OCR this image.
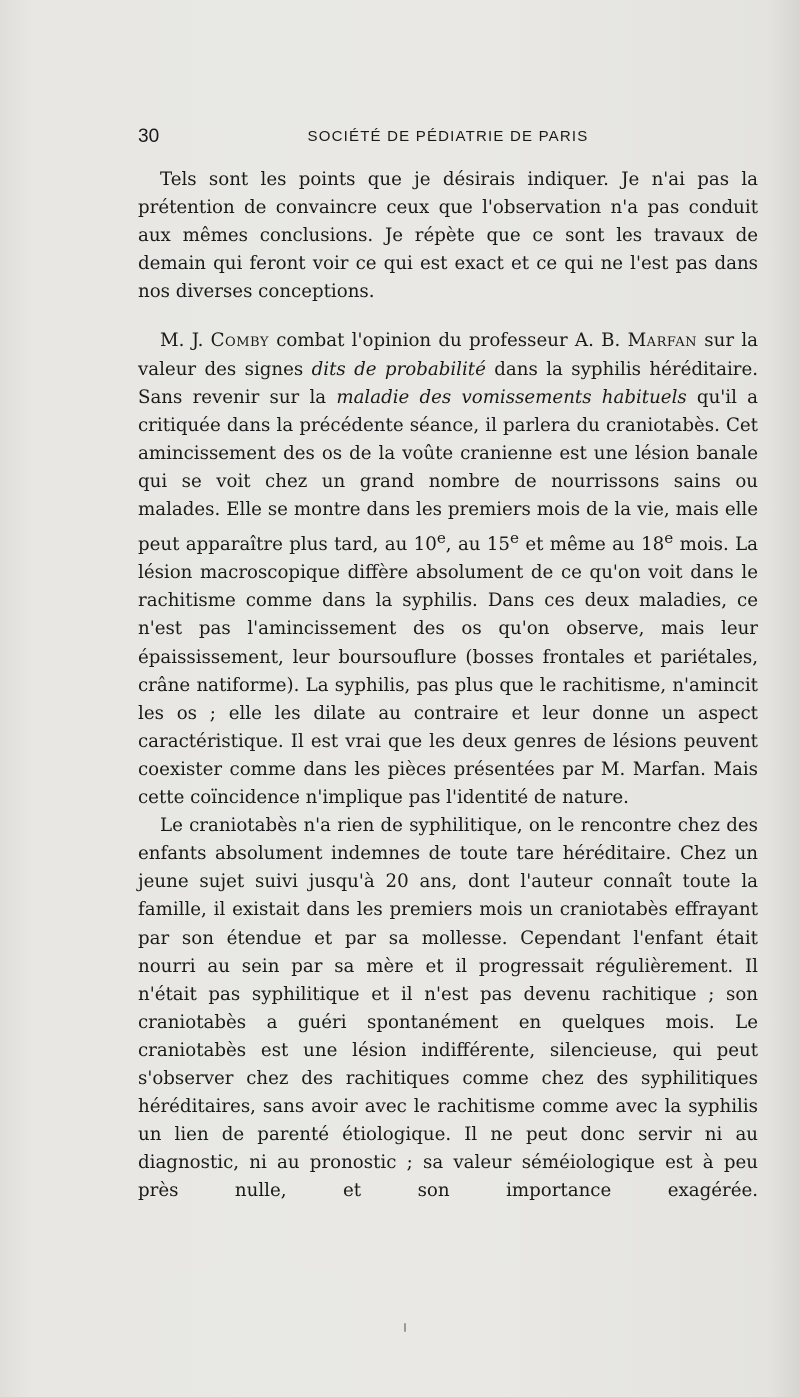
30	SOCIÉTÉ DE PÉDIATRIE DE PARIS

Tels sont les points que je désirais indiquer. Je n'ai pas la prétention de convaincre ceux que l'observation n'a pas conduit aux mêmes conclusions. Je répète que ce sont les travaux de demain qui feront voir ce qui est exact et ce qui ne l'est pas dans nos diverses conceptions.

M. J. Comby combat l'opinion du professeur A. B. Marfan sur la valeur des signes dits de probabilité dans la syphilis héréditaire. Sans revenir sur la maladie des vomissements habituels qu'il a critiquée dans la précédente séance, il parlera du craniotabès. Cet amincissement des os de la voûte cranienne est une lésion banale qui se voit chez un grand nombre de nourrissons sains ou malades. Elle se montre dans les premiers mois de la vie, mais elle peut apparaître plus tard, au 10e, au 15e et même au 18e mois. La lésion macroscopique diffère absolument de ce qu'on voit dans le rachitisme comme dans la syphilis. Dans ces deux maladies, ce n'est pas l'amincissement des os qu'on observe, mais leur épaississement, leur boursouflure (bosses frontales et pariétales, crâne natiforme). La syphilis, pas plus que le rachitisme, n'amincit les os ; elle les dilate au contraire et leur donne un aspect caractéristique. Il est vrai que les deux genres de lésions peuvent coexister comme dans les pièces présentées par M. Marfan. Mais cette coïncidence n'implique pas l'identité de nature.

Le craniotabès n'a rien de syphilitique, on le rencontre chez des enfants absolument indemnes de toute tare héréditaire. Chez un jeune sujet suivi jusqu'à 20 ans, dont l'auteur connaît toute la famille, il existait dans les premiers mois un craniotabès effrayant par son étendue et par sa mollesse. Cependant l'enfant était nourri au sein par sa mère et il progressait régulièrement. Il n'était pas syphilitique et il n'est pas devenu rachitique ; son craniotabès a guéri spontanément en quelques mois. Le craniotabès est une lésion indifférente, silencieuse, qui peut s'observer chez des rachitiques comme chez des syphilitiques héréditaires, sans avoir avec le rachitisme comme avec la syphilis un lien de parenté étiologique. Il ne peut donc servir ni au diagnostic, ni au pronostic ; sa valeur séméiologique est à peu près nulle, et son importance exagérée.
